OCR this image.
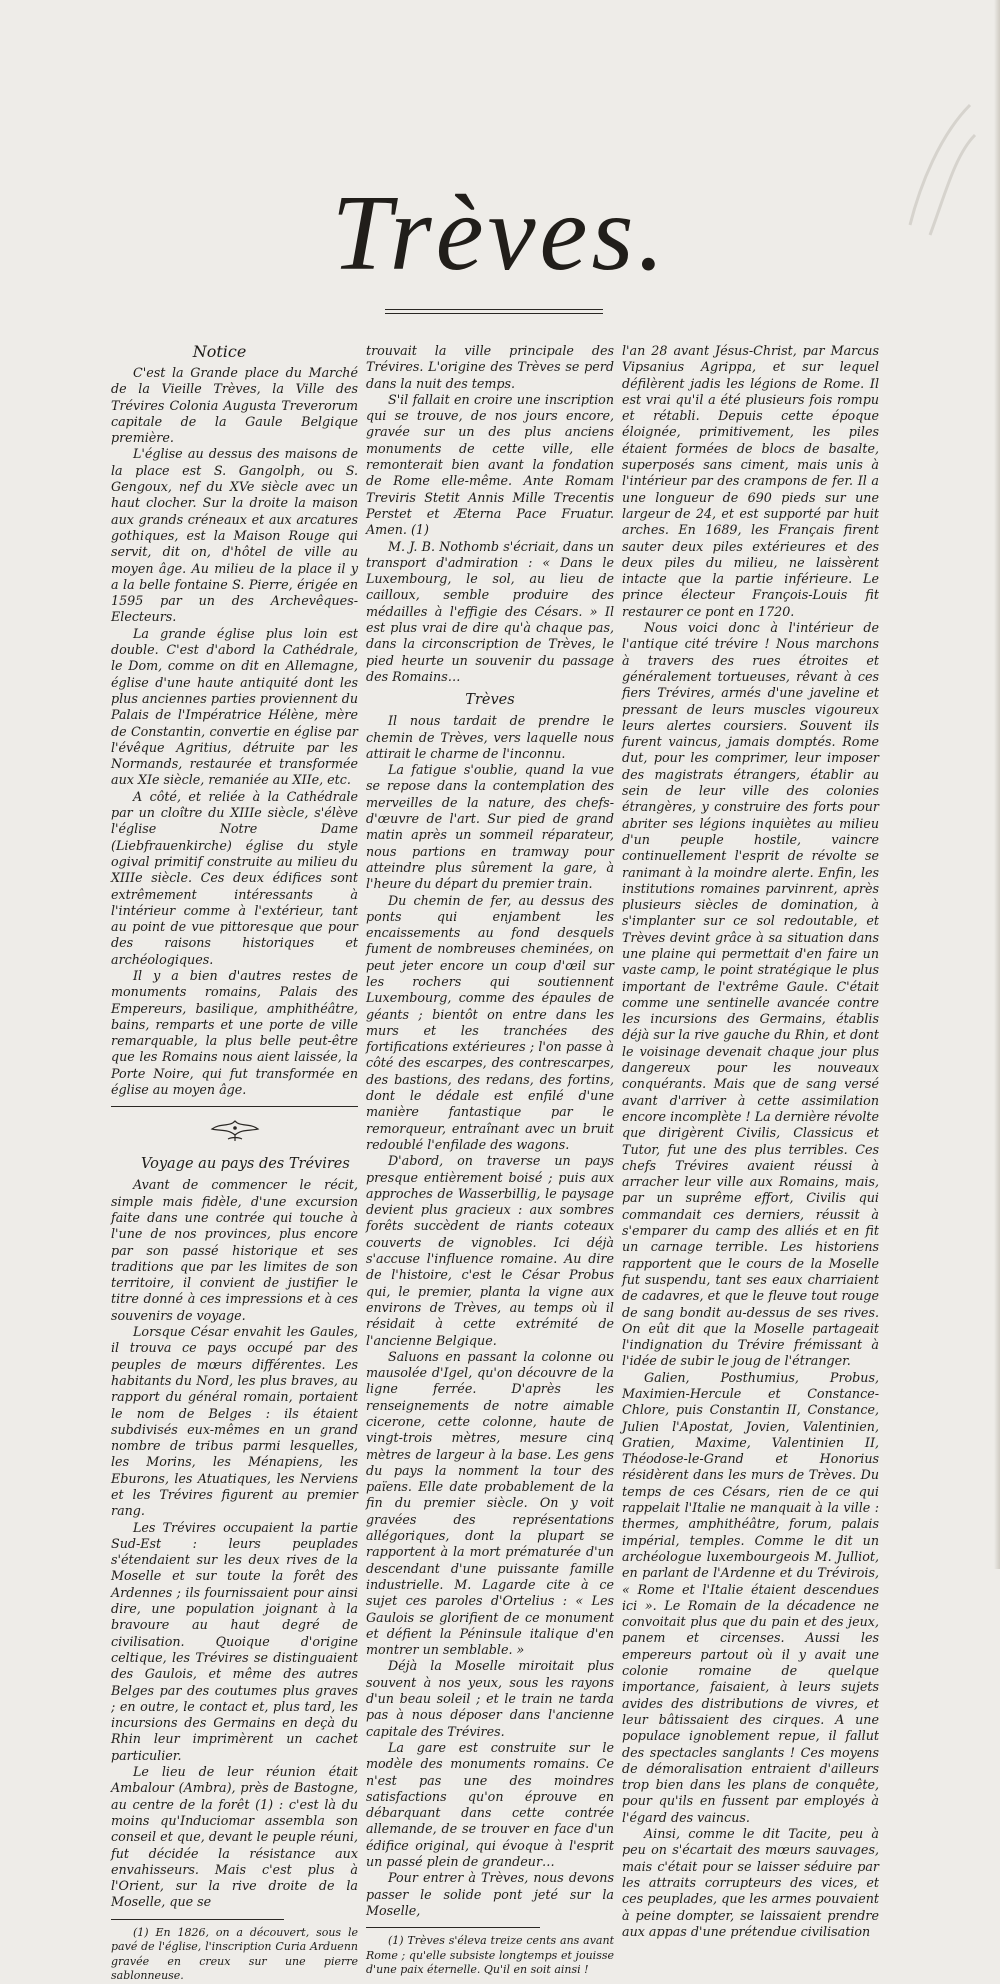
Trèves.
Notice

C'est la Grande place du Marché de la Vieille Trèves, la Ville des Trévires Colonia Augusta Treverorum capitale de la Gaule Belgique première.

L'église au dessus des maisons de la place est S. Gangolph, ou S. Gengoux, nef du XVe siècle avec un haut clocher. Sur la droite la maison aux grands créneaux et aux arcatures gothiques, est la Maison Rouge qui servit, dit on, d'hôtel de ville au moyen âge. Au milieu de la place il y a la belle fontaine S. Pierre, érigée en 1595 par un des Archevêques-Electeurs.

La grande église plus loin est double. C'est d'abord la Cathédrale, le Dom, comme on dit en Allemagne, église d'une haute antiquité dont les plus anciennes parties proviennent du Palais de l'Impératrice Hélène, mère de Constantin, convertie en église par l'évêque Agritius, détruite par les Normands, restaurée et transformée aux XIe siècle, remaniée au XIIe, etc.

A côté, et reliée à la Cathédrale par un cloître du XIIIe siècle, s'élève l'église Notre Dame (Liebfrauenkirche) église du style ogival primitif construite au milieu du XIIIe siècle. Ces deux édifices sont extrêmement intéressants à l'intérieur comme à l'extérieur, tant au point de vue pittoresque que pour des raisons historiques et archéologiques.

Il y a bien d'autres restes de monuments romains, Palais des Empereurs, basilique, amphithéâtre, bains, remparts et une porte de ville remarquable, la plus belle peut-être que les Romains nous aient laissée, la Porte Noire, qui fut transformée en église au moyen âge.

Voyage au pays des Trévires

Avant de commencer le récit, simple mais fidèle, d'une excursion faite dans une contrée qui touche à l'une de nos provinces, plus encore par son passé historique et ses traditions que par les limites de son territoire, il convient de justifier le titre donné à ces impressions et à ces souvenirs de voyage.

Lorsque César envahit les Gaules, il trouva ce pays occupé par des peuples de mœurs différentes. Les habitants du Nord, les plus braves, au rapport du général romain, portaient le nom de Belges : ils étaient subdivisés eux-mêmes en un grand nombre de tribus parmi lesquelles, les Morins, les Ménapiens, les Eburons, les Atuatiques, les Nerviens et les Trévires figurent au premier rang.

Les Trévires occupaient la partie Sud-Est : leurs peuplades s'étendaient sur les deux rives de la Moselle et sur toute la forêt des Ardennes ; ils fournissaient pour ainsi dire, une population joignant à la bravoure au haut degré de civilisation. Quoique d'origine celtique, les Trévires se distinguaient des Gaulois, et même des autres Belges par des coutumes plus graves ; en outre, le contact et, plus tard, les incursions des Germains en deçà du Rhin leur imprimèrent un cachet particulier.

Le lieu de leur réunion était Ambalour (Ambra), près de Bastogne, au centre de la forêt (1) : c'est là du moins qu'Induciomar assembla son conseil et que, devant le peuple réuni, fut décidée la résistance aux envahisseurs. Mais c'est plus à l'Orient, sur la rive droite de la Moselle, que se

(1) En 1826, on a découvert, sous le pavé de l'église, l'inscription Curia Arduenn gravée en creux sur une pierre sablonneuse.

trouvait la ville principale des Trévires. L'origine des Trèves se perd dans la nuit des temps.

S'il fallait en croire une inscription qui se trouve, de nos jours encore, gravée sur un des plus anciens monuments de cette ville, elle remonterait bien avant la fondation de Rome elle-même. Ante Romam Treviris Stetit Annis Mille Trecentis Perstet et Æterna Pace Fruatur. Amen. (1)

M. J. B. Nothomb s'écriait, dans un transport d'admiration : « Dans le Luxembourg, le sol, au lieu de cailloux, semble produire des médailles à l'effigie des Césars. » Il est plus vrai de dire qu'à chaque pas, dans la circonscription de Trèves, le pied heurte un souvenir du passage des Romains…

Trèves

Il nous tardait de prendre le chemin de Trèves, vers laquelle nous attirait le charme de l'inconnu.

La fatigue s'oublie, quand la vue se repose dans la contemplation des merveilles de la nature, des chefs-d'œuvre de l'art. Sur pied de grand matin après un sommeil réparateur, nous partions en tramway pour atteindre plus sûrement la gare, à l'heure du départ du premier train.

Du chemin de fer, au dessus des ponts qui enjambent les encaissements au fond desquels fument de nombreuses cheminées, on peut jeter encore un coup d'œil sur les rochers qui soutiennent Luxembourg, comme des épaules de géants ; bientôt on entre dans les murs et les tranchées des fortifications extérieures ; l'on passe à côté des escarpes, des contrescarpes, des bastions, des redans, des fortins, dont le dédale est enfilé d'une manière fantastique par le remorqueur, entraînant avec un bruit redoublé l'enfilade des wagons.

D'abord, on traverse un pays presque entièrement boisé ; puis aux approches de Wasserbillig, le paysage devient plus gracieux : aux sombres forêts succèdent de riants coteaux couverts de vignobles. Ici déjà s'accuse l'influence romaine. Au dire de l'histoire, c'est le César Probus qui, le premier, planta la vigne aux environs de Trèves, au temps où il résidait à cette extrémité de l'ancienne Belgique.

Saluons en passant la colonne ou mausolée d'Igel, qu'on découvre de la ligne ferrée. D'après les renseignements de notre aimable cicerone, cette colonne, haute de vingt-trois mètres, mesure cinq mètres de largeur à la base. Les gens du pays la nomment la tour des païens. Elle date probablement de la fin du premier siècle. On y voit gravées des représentations allégoriques, dont la plupart se rapportent à la mort prématurée d'un descendant d'une puissante famille industrielle. M. Lagarde cite à ce sujet ces paroles d'Ortelius : « Les Gaulois se glorifient de ce monument et défient la Péninsule italique d'en montrer un semblable. »

Déjà la Moselle miroitait plus souvent à nos yeux, sous les rayons d'un beau soleil ; et le train ne tarda pas à nous déposer dans l'ancienne capitale des Trévires.

La gare est construite sur le modèle des monuments romains. Ce n'est pas une des moindres satisfactions qu'on éprouve en débarquant dans cette contrée allemande, de se trouver en face d'un édifice original, qui évoque à l'esprit un passé plein de grandeur…

Pour entrer à Trèves, nous devons passer le solide pont jeté sur la Moselle,

(1) Trèves s'éleva treize cents ans avant Rome ; qu'elle subsiste longtemps et jouisse d'une paix éternelle. Qu'il en soit ainsi !

l'an 28 avant Jésus-Christ, par Marcus Vipsanius Agrippa, et sur lequel défilèrent jadis les légions de Rome. Il est vrai qu'il a été plusieurs fois rompu et rétabli. Depuis cette époque éloignée, primitivement, les piles étaient formées de blocs de basalte, superposés sans ciment, mais unis à l'intérieur par des crampons de fer. Il a une longueur de 690 pieds sur une largeur de 24, et est supporté par huit arches. En 1689, les Français firent sauter deux piles extérieures et des deux piles du milieu, ne laissèrent intacte que la partie inférieure. Le prince électeur François-Louis fit restaurer ce pont en 1720.

Nous voici donc à l'intérieur de l'antique cité trévire ! Nous marchons à travers des rues étroites et généralement tortueuses, rêvant à ces fiers Trévires, armés d'une javeline et pressant de leurs muscles vigoureux leurs alertes coursiers. Souvent ils furent vaincus, jamais domptés. Rome dut, pour les comprimer, leur imposer des magistrats étrangers, établir au sein de leur ville des colonies étrangères, y construire des forts pour abriter ses légions inquiètes au milieu d'un peuple hostile, vaincre continuellement l'esprit de révolte se ranimant à la moindre alerte. Enfin, les institutions romaines parvinrent, après plusieurs siècles de domination, à s'implanter sur ce sol redoutable, et Trèves devint grâce à sa situation dans une plaine qui permettait d'en faire un vaste camp, le point stratégique le plus important de l'extrême Gaule. C'était comme une sentinelle avancée contre les incursions des Germains, établis déjà sur la rive gauche du Rhin, et dont le voisinage devenait chaque jour plus dangereux pour les nouveaux conquérants. Mais que de sang versé avant d'arriver à cette assimilation encore incomplète ! La dernière révolte que dirigèrent Civilis, Classicus et Tutor, fut une des plus terribles. Ces chefs Trévires avaient réussi à arracher leur ville aux Romains, mais, par un suprême effort, Civilis qui commandait ces derniers, réussit à s'emparer du camp des alliés et en fit un carnage terrible. Les historiens rapportent que le cours de la Moselle fut suspendu, tant ses eaux charriaient de cadavres, et que le fleuve tout rouge de sang bondit au-dessus de ses rives. On eût dit que la Moselle partageait l'indignation du Trévire frémissant à l'idée de subir le joug de l'étranger.

Galien, Posthumius, Probus, Maximien-Hercule et Constance-Chlore, puis Constantin II, Constance, Julien l'Apostat, Jovien, Valentinien, Gratien, Maxime, Valentinien II, Théodose-le-Grand et Honorius résidèrent dans les murs de Trèves. Du temps de ces Césars, rien de ce qui rappelait l'Italie ne manquait à la ville : thermes, amphithéâtre, forum, palais impérial, temples. Comme le dit un archéologue luxembourgeois M. Julliot, en parlant de l'Ardenne et du Trévirois, « Rome et l'Italie étaient descendues ici ». Le Romain de la décadence ne convoitait plus que du pain et des jeux, panem et circenses. Aussi les empereurs partout où il y avait une colonie romaine de quelque importance, faisaient, à leurs sujets avides des distributions de vivres, et leur bâtissaient des cirques. A une populace ignoblement repue, il fallut des spectacles sanglants ! Ces moyens de démoralisation entraient d'ailleurs trop bien dans les plans de conquête, pour qu'ils en fussent par employés à l'égard des vaincus.

Ainsi, comme le dit Tacite, peu à peu on s'écartait des mœurs sauvages, mais c'était pour se laisser séduire par les attraits corrupteurs des vices, et ces peuplades, que les armes pouvaient à peine dompter, se laissaient prendre aux appas d'une prétendue civilisation
